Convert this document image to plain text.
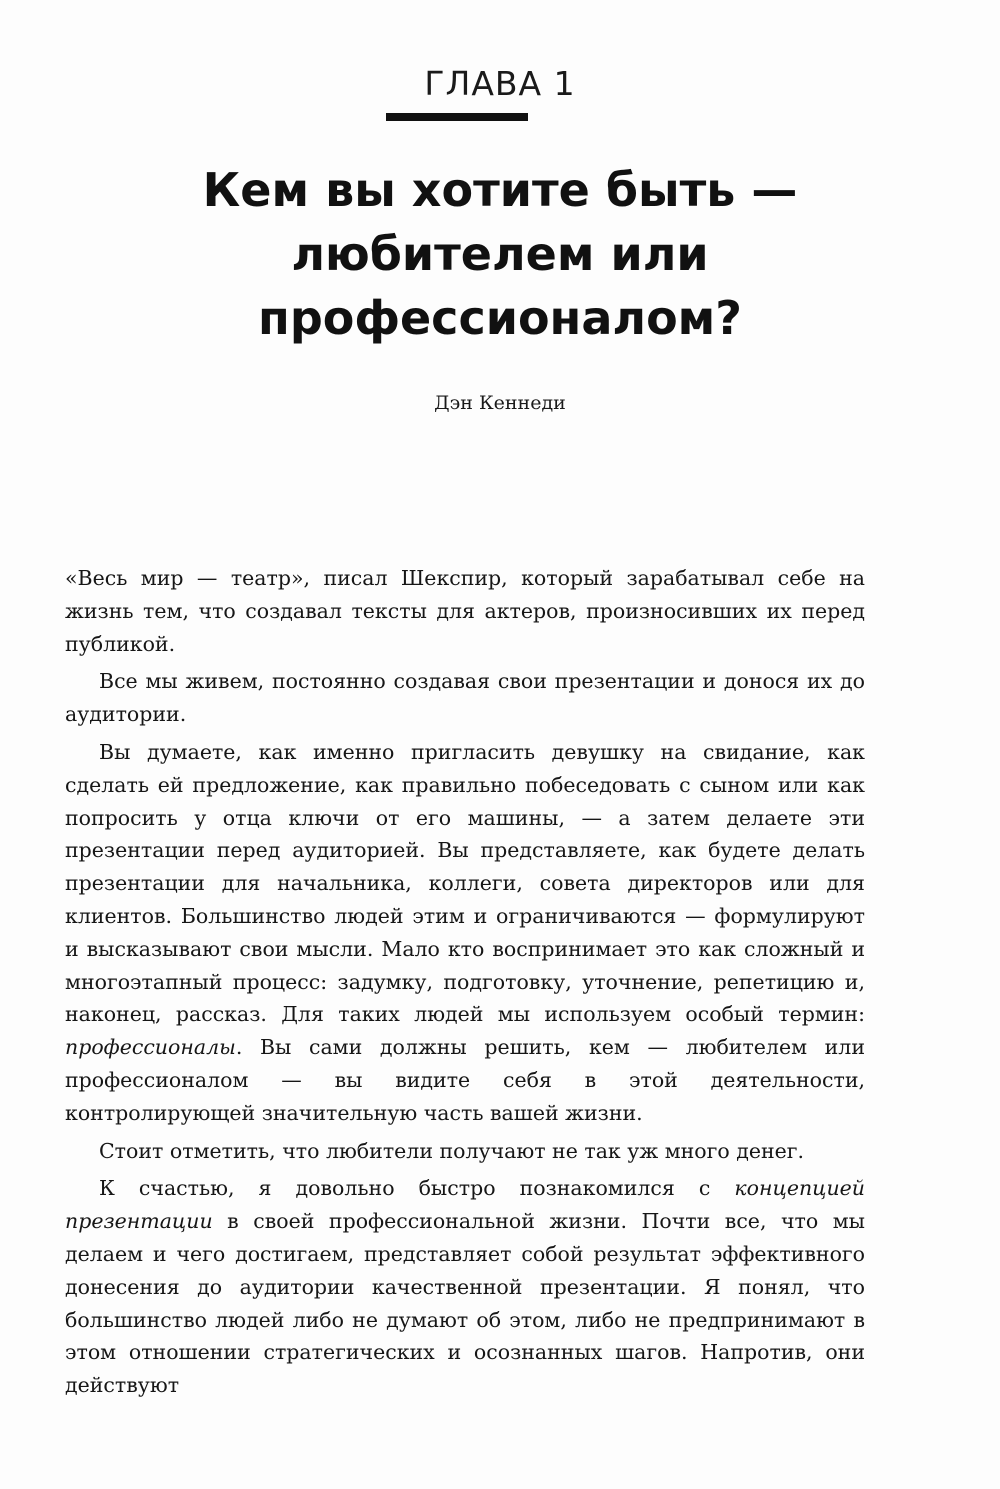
ГЛАВА 1
Кем вы хотите быть —
любителем или
профессионалом?

Дэн Кеннеди

«Весь мир — театр», писал Шекспир, который зарабатывал себе на жизнь тем, что создавал тексты для актеров, произносивших их перед публикой.

Все мы живем, постоянно создавая свои презентации и донося их до аудитории.

Вы думаете, как именно пригласить девушку на свидание, как сделать ей предложение, как правильно побеседовать с сыном или как попросить у отца ключи от его машины, — а затем делаете эти презентации перед аудиторией. Вы представляете, как будете делать презентации для начальника, коллеги, совета директоров или для клиентов. Большинство людей этим и ограничиваются — формулируют и высказывают свои мысли. Мало кто воспринимает это как сложный и многоэтапный процесс: задумку, подготовку, уточнение, репетицию и, наконец, рассказ. Для таких людей мы используем особый термин: профессионалы. Вы сами должны решить, кем — любителем или профессионалом — вы видите себя в этой деятельности, контролирующей значительную часть вашей жизни.

Стоит отметить, что любители получают не так уж много денег.

К счастью, я довольно быстро познакомился с концепцией презентации в своей профессиональной жизни. Почти все, что мы делаем и чего достигаем, представляет собой результат эффективного донесения до аудитории качественной презентации. Я понял, что большинство людей либо не думают об этом, либо не предпринимают в этом отношении стратегических и осознанных шагов. Напротив, они действуют
